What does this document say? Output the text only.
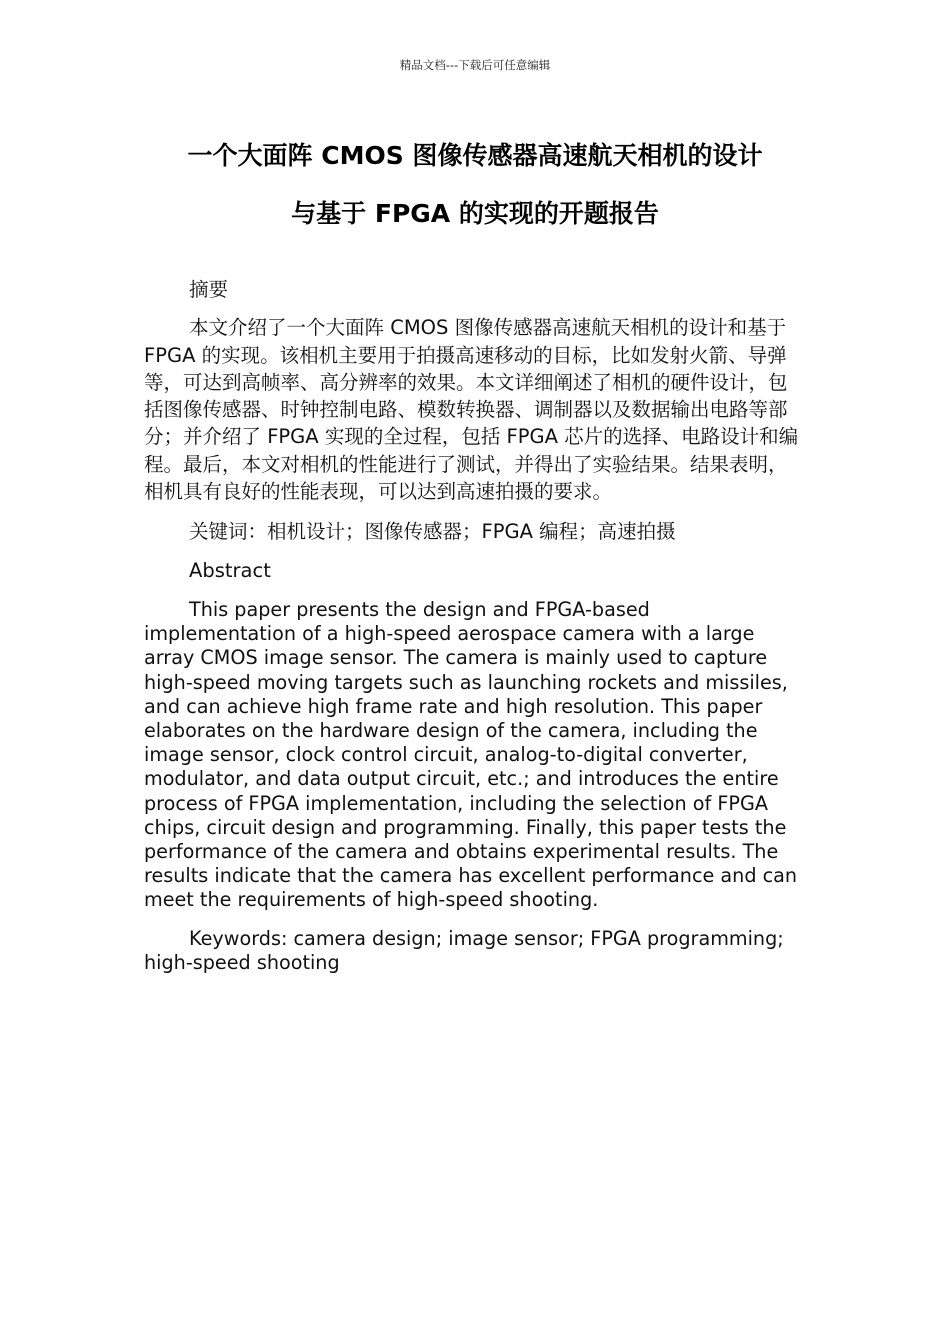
精品文档---下载后可任意编辑
一个大面阵 CMOS 图像传感器高速航天相机的设计
与基于 FPGA 的实现的开题报告

摘要

本文介绍了一个大面阵 CMOS 图像传感器高速航天相机的设计和基于 FPGA 的实现。该相机主要用于拍摄高速移动的目标，比如发射火箭、导弹等，可达到高帧率、高分辨率的效果。本文详细阐述了相机的硬件设计，包括图像传感器、时钟控制电路、模数转换器、调制器以及数据输出电路等部分；并介绍了 FPGA 实现的全过程，包括 FPGA 芯片的选择、电路设计和编程。最后，本文对相机的性能进行了测试，并得出了实验结果。结果表明，相机具有良好的性能表现，可以达到高速拍摄的要求。

关键词：相机设计；图像传感器；FPGA 编程；高速拍摄

Abstract

This paper presents the design and FPGA-based implementation of a high-speed aerospace camera with a large array CMOS image sensor. The camera is mainly used to capture high-speed moving targets such as launching rockets and missiles, and can achieve high frame rate and high resolution. This paper elaborates on the hardware design of the camera, including the image sensor, clock control circuit, analog-to-digital converter, modulator, and data output circuit, etc.; and introduces the entire process of FPGA implementation, including the selection of FPGA chips, circuit design and programming. Finally, this paper tests the performance of the camera and obtains experimental results. The results indicate that the camera has excellent performance and can meet the requirements of high-speed shooting.

Keywords: camera design; image sensor; FPGA programming; high-speed shooting
